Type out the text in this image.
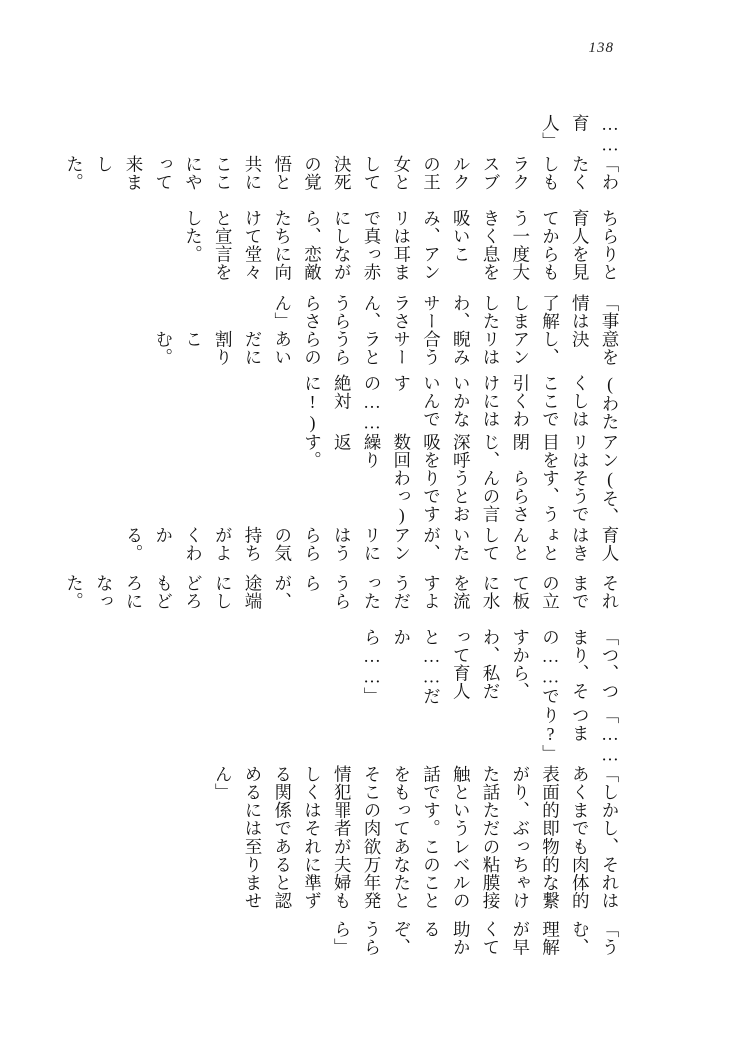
138

「うむ、理解が早くて助かるぞ、うらら」

「しかし、それはあくまでも肉体的表面的即物的な繋がり、ぶっちゃけた話ただの粘膜接触というレベルの話です。このことをもってあなたとそこの肉欲万年発情犯罪者が夫婦もしくはそれに準ずる関係であると認めるには至りません」

「……つまり?」

「つ、つまり、その……ですから、わ、私だって育人と……だから……」

それまでの立て板に水を流すようだったうららが、途端にしどろもどろになった。

育人はきょとんとしていたが、アンリにはうららの気持ちがよくわかる。

(そ、そうです、うららさんの言うとおりですわっ)

アンリは目を閉じ、深呼吸を数回繰り返す。

(わたくしはここで引くわけにはいかないんですの……絶対に!)

意を決し、アンリは睨み合うサーラとうららのあいだに割りこむ。

「事情は了解しましたわ、サーラさん、うららさん」

ちらりと育人を見てからもう一度大きく息を吸いこみ、アンリは耳まで真っ赤にしながら、恋敵たちに向けて堂々と宣言をした。

「わたくしもラクスブルクの王女として決死の覚悟と共にここにやって来ました。

……育人」
